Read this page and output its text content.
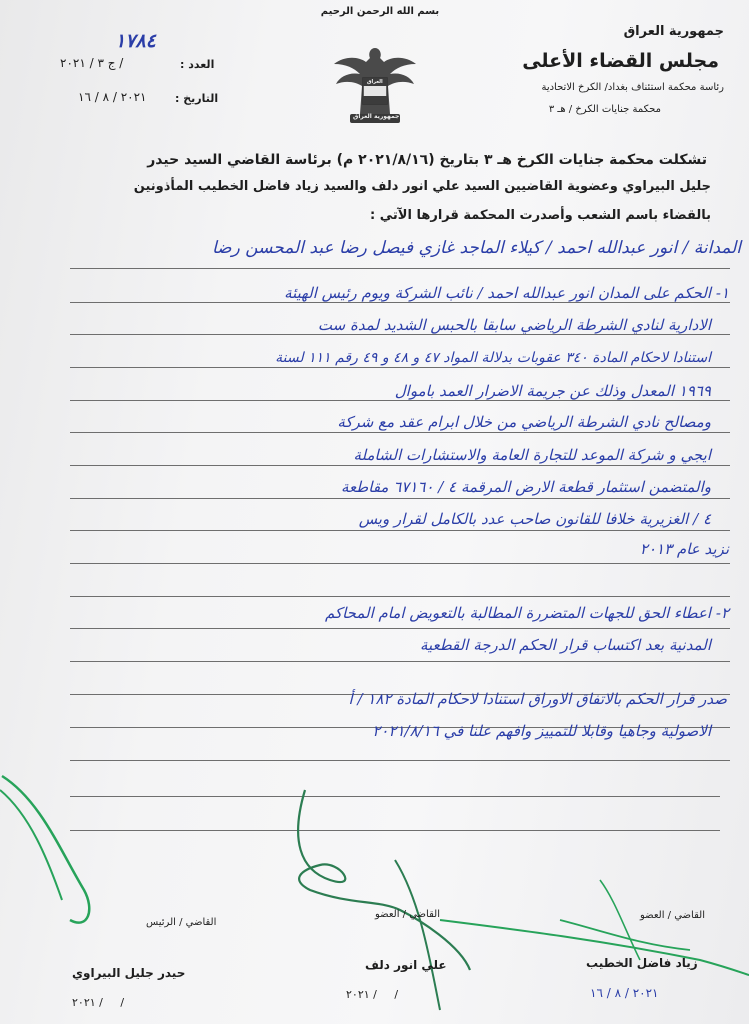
بسم الله الرحمن الرحيم
جمهورية العراق
مجلس القضاء الأعلى
رئاسة محكمة استئناف بغداد/ الكرخ الاتحادية
محكمة جنايات الكرخ / هـ ٣
جمهورية العراق
العراق
١٧٨٤
العدد :
/ ج ٣ / ٢٠٢١
التاريخ :
٢٠٢١ / ٨ / ١٦
تشكلت محكمة جنايات الكرخ هـ ٣ بتاريخ (٢٠٢١/٨/١٦ م) برئاسة القاضي السيد حيدر
جليل البيراوي وعضوية القاضيين السيد علي انور دلف والسيد زياد فاضل الخطيب المأذونين
بالقضاء باسم الشعب وأصدرت المحكمة قرارها الآتي :
المدانة / انور عبدالله احمد / كيلاء الماجد غازي فيصل رضا عبد المحسن رضا
١- الحكم على المدان انور عبدالله احمد / نائب الشركة ويوم رئيس الهيئة
الادارية لنادي الشرطة الرياضي سابقا بالحبس الشديد لمدة ست
استنادا لاحكام المادة ٣٤٠ عقوبات بدلالة المواد ٤٧ و ٤٨ و ٤٩ رقم ١١١ لسنة
١٩٦٩ المعدل وذلك عن جريمة الاضرار العمد باموال
ومصالح نادي الشرطة الرياضي من خلال ابرام عقد مع شركة
ايجي و شركة الموعد للتجارة العامة والاستشارات الشاملة
والمتضمن استثمار قطعة الارض المرقمة ٤ / ٦٧١٦٠ مقاطعة
٤ / الغزيرية خلافا للقانون صاحب عدد بالكامل لقرار ويس
نزيد عام ٢٠١٣
٢- اعطاء الحق للجهات المتضررة المطالبة بالتعويض امام المحاكم
المدنية بعد اكتساب قرار الحكم الدرجة القطعية
صدر قرار الحكم بالاتفاق الاوراق استنادا لاحكام المادة ١٨٢ / أ
الاصولية وجاهيا وقابلا للتمييز وافهم علنا في ٢٠٢١/٨/١٦
القاضي / الرئيس
حيدر جليل البيراوي
٢٠٢١ /     /
القاضي / العضو
علي انور دلف
٢٠٢١ /     /
القاضي / العضو
زياد فاضل الخطيب
٢٠٢١ / ٨ / ١٦
